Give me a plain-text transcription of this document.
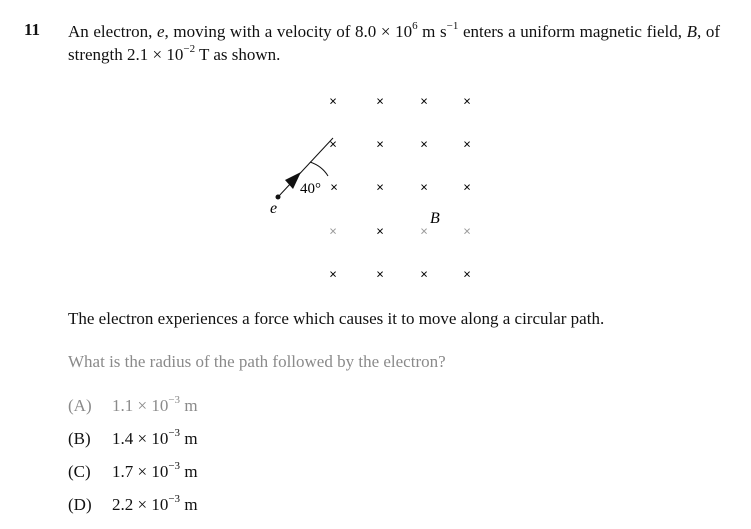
11 An electron, e, moving with a velocity of $8.0 \times 10^6$ m $s^{-1}$ enters a uniform magnetic field, B, of strength $2.1 \times 10^{-2}$ T as shown.
×	×	×	×
×	×	×	×
×	×	×	×
×	×	×	×
×	×	×	×
40°
e
B
The electron experiences a force which causes it to move along a circular path.
What is the radius of the path followed by the electron?
(A) $1.1 \times 10^{-3}$ m
(B) $1.4 \times 10^{-3}$ m
(C) $1.7 \times 10^{-3}$ m
(D) $2.2 \times 10^{-3}$ m
